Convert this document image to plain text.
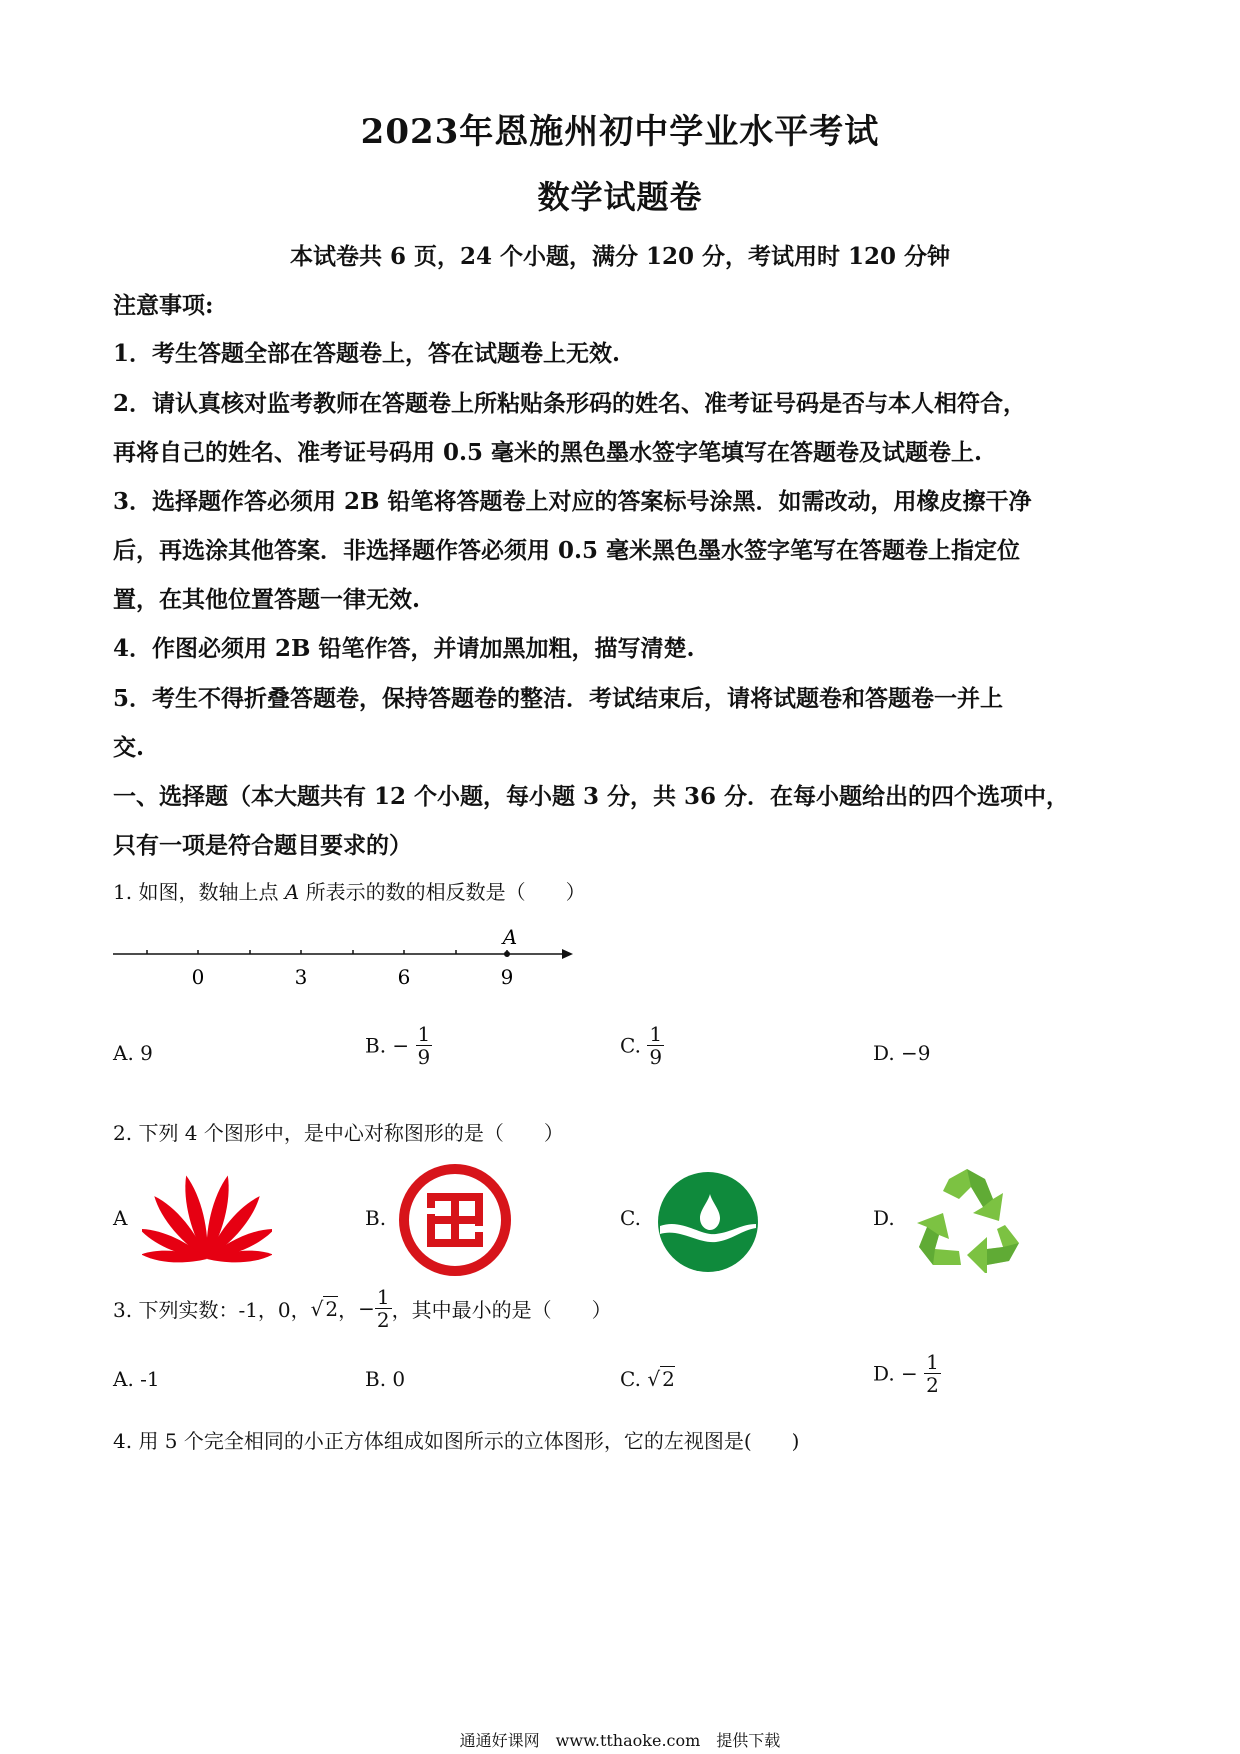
2023年恩施州初中学业水平考试
数学试题卷
本试卷共 6 页，24 个小题，满分 120 分，考试用时 120 分钟
注意事项:
1．考生答题全部在答题卷上，答在试题卷上无效.
2．请认真核对监考教师在答题卷上所粘贴条形码的姓名、准考证号码是否与本人相符合，
再将自己的姓名、准考证号码用 0.5 毫米的黑色墨水签字笔填写在答题卷及试题卷上.
3．选择题作答必须用 2B 铅笔将答题卷上对应的答案标号涂黑．如需改动，用橡皮擦干净
后，再选涂其他答案．非选择题作答必须用 0.5 毫米黑色墨水签字笔写在答题卷上指定位
置，在其他位置答题一律无效.
4．作图必须用 2B 铅笔作答，并请加黑加粗，描写清楚.
5．考生不得折叠答题卷，保持答题卷的整洁．考试结束后，请将试题卷和答题卷一并上
交.
一、选择题（本大题共有 12 个小题，每小题 3 分，共 36 分．在每小题给出的四个选项中，
只有一项是符合题目要求的）
1. 如图，数轴上点 A 所表示的数的相反数是（　　）
A
0	3	6	9
A. 9	B. − $\frac{1}{9}$	C. $\frac{1}{9}$	D. −9
2. 下列 4 个图形中，是中心对称图形的是（　　）
A	B.	C.	D.
3. 下列实数：-1，0，√ 2，− $\frac{1}{2}$ ，其中最小的是（　　）
A. -1	B. 0	C. √ 2	D. − $\frac{1}{2}$
4. 用 5 个完全相同的小正方体组成如图所示的立体图形，它的左视图是(　　)
通通好课网　www.tthaoke.com　提供下载
